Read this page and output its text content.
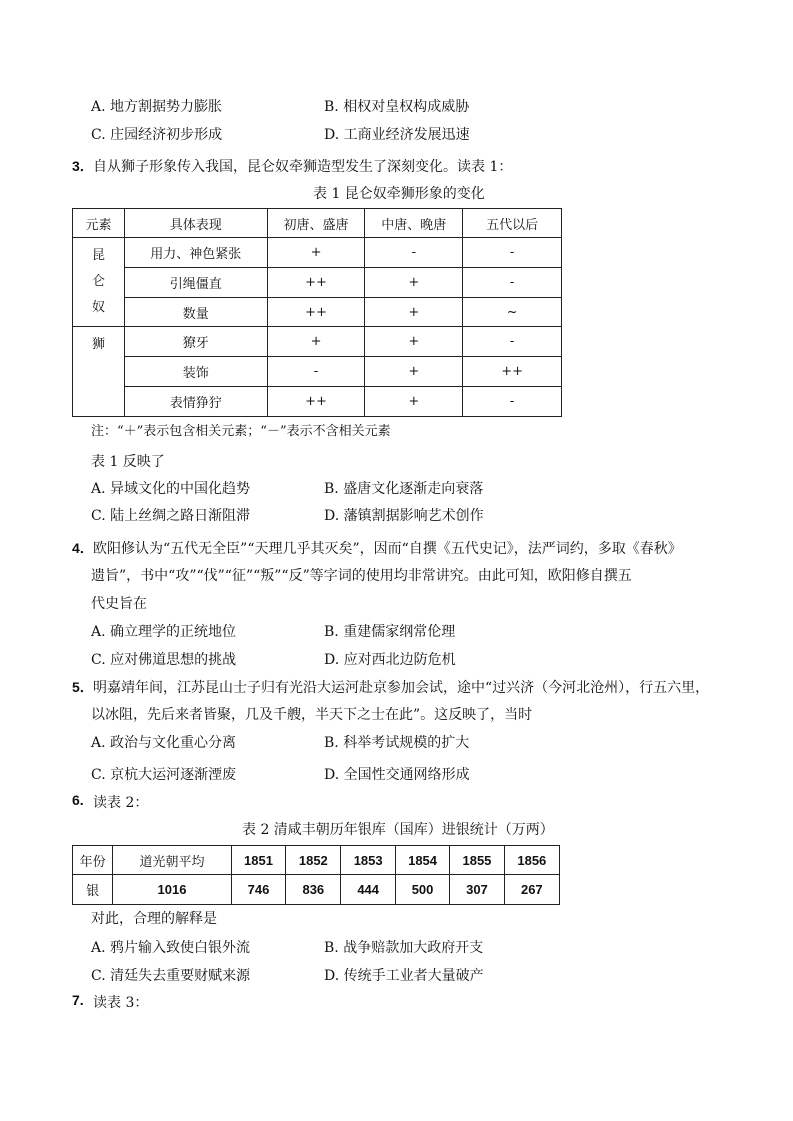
A. 地方割据势力膨胀	B. 相权对皇权构成威胁
C. 庄园经济初步形成	D. 工商业经济发展迅速
3． 自从狮子形象传入我国，昆仑奴牵狮造型发生了深刻变化。读表 1：
表 1 昆仑奴牵狮形象的变化
元素	具体表现	初唐、盛唐	中唐、晚唐	五代以后
昆仑奴	用力、神色紧张	+	-	-
	引绳僵直	++	+	-
	数量	++	+	~
狮	獠牙	+	+	-
	装饰	-	+	++
	表情狰狞	++	+	-
注：“＋”表示包含相关元素；“－”表示不含相关元素
表 1 反映了
A. 异域文化的中国化趋势	B. 盛唐文化逐渐走向衰落
C. 陆上丝绸之路日渐阻滞	D. 藩镇割据影响艺术创作
4． 欧阳修认为“五代无全臣”“天理几乎其灭矣”，因而“自撰《五代史记》，法严词约，多取《春秋》
遗旨”，书中“攻”“伐”“征”“叛”“反”等字词的使用均非常讲究。由此可知，欧阳修自撰五
代史旨在
A. 确立理学的正统地位	B. 重建儒家纲常伦理
C. 应对佛道思想的挑战	D. 应对西北边防危机
5． 明嘉靖年间，江苏昆山士子归有光沿大运河赴京参加会试，途中“过兴济（今河北沧州），行五六里，
以冰阻，先后来者皆聚，几及千艘，半天下之士在此”。这反映了，当时
A. 政治与文化重心分离	B. 科举考试规模的扩大
C. 京杭大运河逐渐湮废	D. 全国性交通网络形成
6. 读表 2：
表 2 清咸丰朝历年银库（国库）进银统计（万两）
年份	道光朝平均	1851	1852	1853	1854	1855	1856
银	1016	746	836	444	500	307	267
对此，合理的解释是
A. 鸦片输入致使白银外流	B. 战争赔款加大政府开支
C. 清廷失去重要财赋来源	D. 传统手工业者大量破产
7. 读表 3：
